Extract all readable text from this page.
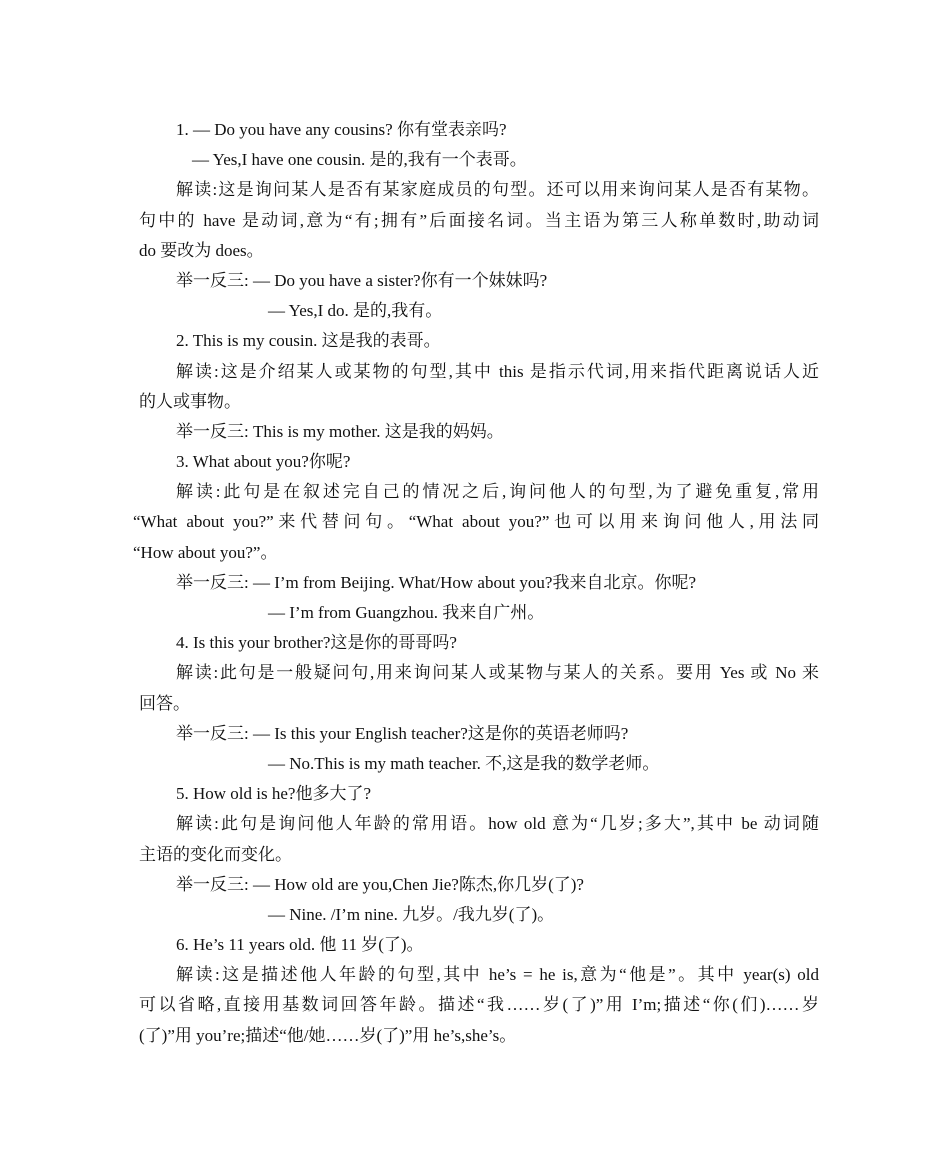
1. — Do you have any cousins? 你有堂表亲吗?
— Yes,I have one cousin. 是的,我有一个表哥。
解读:这是询问某人是否有某家庭成员的句型。还可以用来询问某人是否有某物。
句中的 have 是动词,意为“有;拥有”后面接名词。当主语为第三人称单数时,助动词
do 要改为 does。
举一反三: — Do you have a sister?你有一个妹妹吗?
— Yes,I do. 是的,我有。
2. This is my cousin. 这是我的表哥。
解读:这是介绍某人或某物的句型,其中 this 是指示代词,用来指代距离说话人近
的人或事物。
举一反三: This is my mother. 这是我的妈妈。
3. What about you?你呢?
解读:此句是在叙述完自己的情况之后,询问他人的句型,为了避免重复,常用
“What about you?”来代替问句。“What about you?”也可以用来询问他人,用法同
“How about you?”。
举一反三: — I’m from Beijing. What/How about you?我来自北京。你呢?
— I’m from Guangzhou. 我来自广州。
4. Is this your brother?这是你的哥哥吗?
解读:此句是一般疑问句,用来询问某人或某物与某人的关系。要用 Yes 或 No 来
回答。
举一反三: — Is this your English teacher?这是你的英语老师吗?
— No.This is my math teacher. 不,这是我的数学老师。
5. How old is he?他多大了?
解读:此句是询问他人年龄的常用语。how old 意为“几岁;多大”,其中 be 动词随
主语的变化而变化。
举一反三: — How old are you,Chen Jie?陈杰,你几岁(了)?
— Nine. /I’m nine. 九岁。/我九岁(了)。
6. He’s 11 years old. 他 11 岁(了)。
解读:这是描述他人年龄的句型,其中 he’s = he is,意为“他是”。其中 year(s) old
可以省略,直接用基数词回答年龄。描述“我……岁(了)”用 I’m;描述“你(们)……岁
(了)”用 you’re;描述“他/她……岁(了)”用 he’s,she’s。
